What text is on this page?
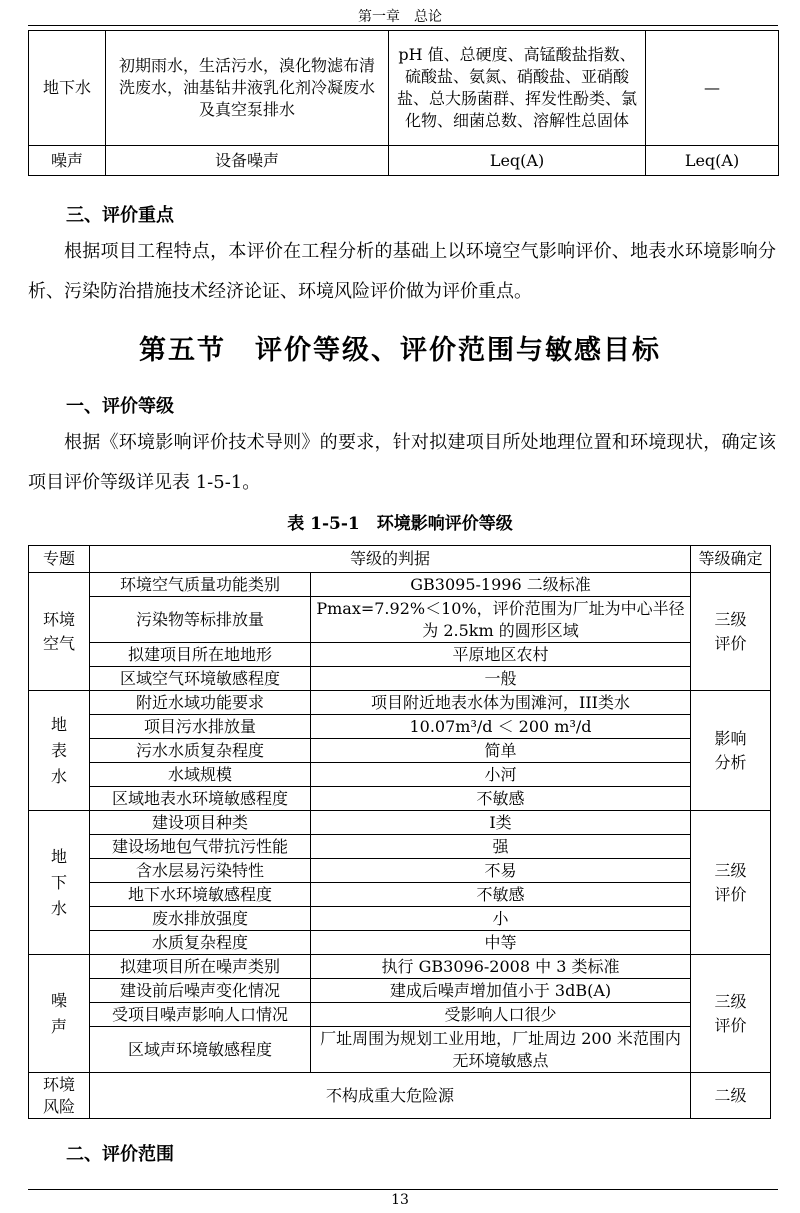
第一章　总论
地下水	初期雨水，生活污水，溴化物滤布清洗废水，油基钻井液乳化剂冷凝废水及真空泵排水	pH 值、总硬度、高锰酸盐指数、硫酸盐、氨氮、硝酸盐、亚硝酸盐、总大肠菌群、挥发性酚类、氯化物、细菌总数、溶解性总固体	—
噪声	设备噪声	Leq(A)	Leq(A)
三、评价重点
根据项目工程特点，本评价在工程分析的基础上以环境空气影响评价、地表水环境影响分析、污染防治措施技术经济论证、环境风险评价做为评价重点。
第五节　评价等级、评价范围与敏感目标
一、评价等级
根据《环境影响评价技术导则》的要求，针对拟建项目所处地理位置和环境现状，确定该项目评价等级详见表 1-5-1。
表 1-5-1　环境影响评价等级
专题	等级的判据		等级确定
环境空气	环境空气质量功能类别	GB3095-1996 二级标准	三级评价
	污染物等标排放量	Pmax=7.92%＜10%，评价范围为厂址为中心半径为 2.5km 的圆形区域	
	拟建项目所在地地形	平原地区农村	
	区域空气环境敏感程度	一般	
地表水	附近水域功能要求	项目附近地表水体为围滩河，III类水	影响分析
	项目污水排放量	10.07m³/d ＜ 200 m³/d	
	污水水质复杂程度	简单	
	水域规模	小河	
	区域地表水环境敏感程度	不敏感	
地下水	建设项目种类	Ⅰ类	三级评价
	建设场地包气带抗污性能	强	
	含水层易污染特性	不易	
	地下水环境敏感程度	不敏感	
	废水排放强度	小	
	水质复杂程度	中等	
噪声	拟建项目所在噪声类别	执行 GB3096-2008 中 3 类标准	三级评价
	建设前后噪声变化情况	建成后噪声增加值小于 3dB(A)	
	受项目噪声影响人口情况	受影响人口很少	
	区域声环境敏感程度	厂址周围为规划工业用地，厂址周边 200 米范围内无环境敏感点	
环境风险	不构成重大危险源		二级
二、评价范围
13
